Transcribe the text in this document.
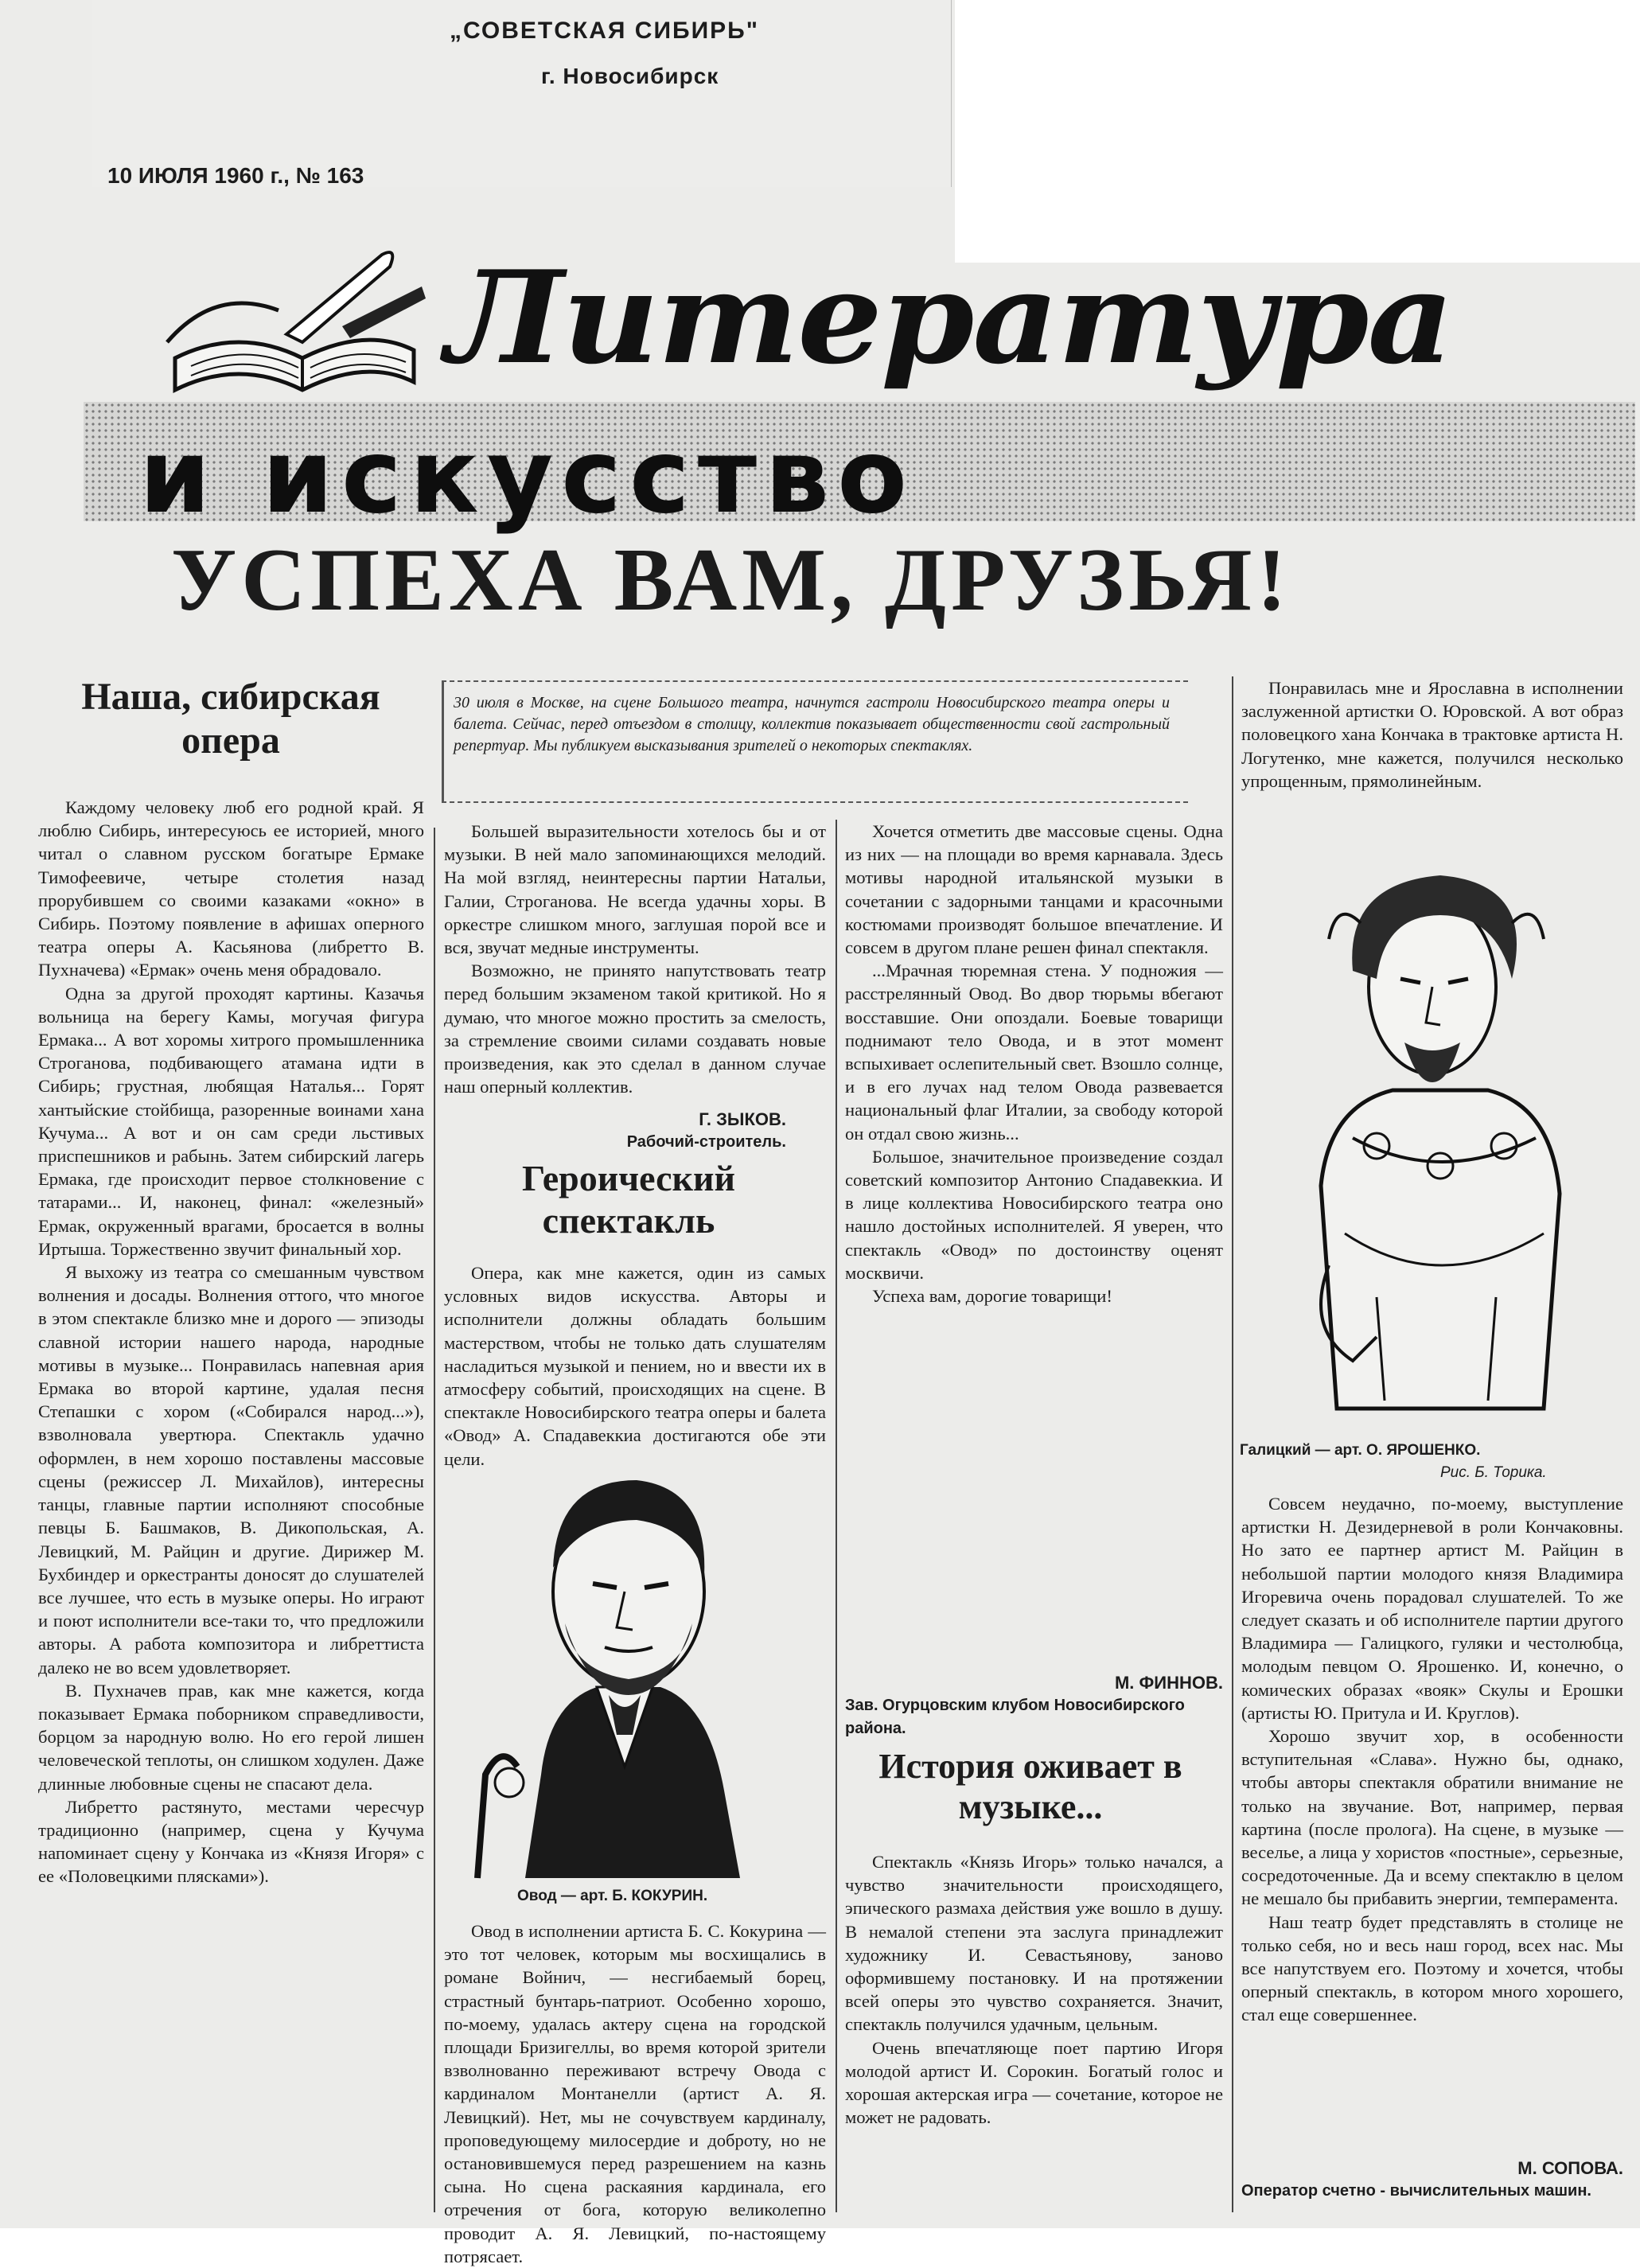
„СОВЕТСКАЯ СИБИРЬ"
г. Новосибирск
10 ИЮЛЯ 1960 г., № 163
Литература
и искусство
УСПЕХА ВАМ, ДРУЗЬЯ!
30 июля в Москве, на сцене Большого театра, начнутся гастроли Новосибирского театра оперы и балета. Сейчас, перед отъездом в столицу, коллектив показывает общественности свой гастрольный репертуар. Мы публикуем высказывания зрителей о некоторых спектаклях.
Наша, сибирская опера

Каждому человеку люб его родной край. Я люблю Сибирь, интересуюсь ее историей, много читал о славном русском богатыре Ермаке Тимофеевиче, четыре столетия назад прорубившем со своими казаками «окно» в Сибирь. Поэтому появление в афишах оперного театра оперы А. Касьянова (либретто В. Пухначева) «Ермак» очень меня обрадовало.

Одна за другой проходят картины. Казачья вольница на берегу Камы, могучая фигура Ермака... А вот хоромы хитрого промышленника Строганова, подбивающего атамана идти в Сибирь; грустная, любящая Наталья... Горят хантыйские стойбища, разоренные воинами хана Кучума... А вот и он сам среди льстивых приспешников и рабынь. Затем сибирский лагерь Ермака, где происходит первое столкновение с татарами... И, наконец, финал: «железный» Ермак, окруженный врагами, бросается в волны Иртыша. Торжественно звучит финальный хор.

Я выхожу из театра со смешанным чувством волнения и досады. Волнения оттого, что многое в этом спектакле близко мне и дорого — эпизоды славной истории нашего народа, народные мотивы в музыке... Понравилась напевная ария Ермака во второй картине, удалая песня Степашки с хором («Собирался народ...»), взволновала увертюра. Спектакль удачно оформлен, в нем хорошо поставлены массовые сцены (режиссер Л. Михайлов), интересны танцы, главные партии исполняют способные певцы Б. Башмаков, В. Дикопольская, А. Левицкий, М. Райцин и другие. Дирижер М. Бухбиндер и оркестранты доносят до слушателей все лучшее, что есть в музыке оперы. Но играют и поют исполнители все-таки то, что предложили авторы. А работа композитора и либреттиста далеко не во всем удовлетворяет.

В. Пухначев прав, как мне кажется, когда показывает Ермака поборником справедливости, борцом за народную волю. Но его герой лишен человеческой теплоты, он слишком ходулен. Даже длинные любовные сцены не спасают дела.

Либретто растянуто, местами чересчур традиционно (например, сцена у Кучума напоминает сцену у Кончака из «Князя Игоря» с ее «Половецкими плясками»).

Большей выразительности хотелось бы и от музыки. В ней мало запоминающихся мелодий. На мой взгляд, неинтересны партии Натальи, Галии, Строганова. Не всегда удачны хоры. В оркестре слишком много, заглушая порой все и вся, звучат медные инструменты.

Возможно, не принято напутствовать театр перед большим экзаменом такой критикой. Но я думаю, что многое можно простить за смелость, за стремление своими силами создавать новые произведения, как это сделал в данном случае наш оперный коллектив.

Г. ЗЫКОВ.

Рабочий-строитель.

Героический спектакль

Опера, как мне кажется, один из самых условных видов искусства. Авторы и исполнители должны обладать большим мастерством, чтобы не только дать слушателям насладиться музыкой и пением, но и ввести их в атмосферу событий, происходящих на сцене. В спектакле Новосибирского театра оперы и балета «Овод» А. Спадавеккиа достигаются обе эти цели.

Овод — арт. Б. КОКУРИН.

Овод в исполнении артиста Б. С. Кокурина — это тот человек, которым мы восхищались в романе Войнич, — несгибаемый борец, страстный бунтарь-патриот. Особенно хорошо, по-моему, удалась актеру сцена на городской площади Бризигеллы, во время которой зрители взволнованно переживают встречу Овода с кардиналом Монтанелли (артист А. Я. Левицкий). Нет, мы не сочувствуем кардиналу, проповедующему милосердие и доброту, но не остановившемуся перед разрешением на казнь сына. Но сцена раскаяния кардинала, его отречения от бога, которую великолепно проводит А. Я. Левицкий, по-настоящему потрясает.

Хочется отметить две массовые сцены. Одна из них — на площади во время карнавала. Здесь мотивы народной итальянской музыки в сочетании с задорными танцами и красочными костюмами производят большое впечатление. И совсем в другом плане решен финал спектакля.

...Мрачная тюремная стена. У подножия — расстрелянный Овод. Во двор тюрьмы вбегают восставшие. Они опоздали. Боевые товарищи поднимают тело Овода, и в этот момент вспыхивает ослепительный свет. Взошло солнце, и в его лучах над телом Овода развевается национальный флаг Италии, за свободу которой он отдал свою жизнь...

Большое, значительное произведение создал советский композитор Антонио Спадавеккиа. И в лице коллектива Новосибирского театра оно нашло достойных исполнителей. Я уверен, что спектакль «Овод» по достоинству оценят москвичи.

Успеха вам, дорогие товарищи!

М. ФИННОВ.

Зав. Огурцовским клубом Новосибирского района.

История оживает в музыке...

Спектакль «Князь Игорь» только начался, а чувство значительности происходящего, эпического размаха действия уже вошло в душу. В немалой степени эта заслуга принадлежит художнику И. Севастьянову, заново оформившему постановку. И на протяжении всей оперы это чувство сохраняется. Значит, спектакль получился удачным, цельным.

Очень впечатляюще поет партию Игоря молодой артист И. Сорокин. Богатый голос и хорошая актерская игра — сочетание, которое не может не радовать.

Понравилась мне и Ярославна в исполнении заслуженной артистки О. Юровской. А вот образ половецкого хана Кончака в трактовке артиста Н. Логутенко, мне кажется, получился несколько упрощенным, прямолинейным.

Галицкий — арт. О. ЯРОШЕНКО.
Рис. Б. Торика.

Совсем неудачно, по-моему, выступление артистки Н. Дезидерневой в роли Кончаковны. Но зато ее партнер артист М. Райцин в небольшой партии молодого князя Владимира Игоревича очень порадовал слушателей. То же следует сказать и об исполнителе партии другого Владимира — Галицкого, гуляки и честолюбца, молодым певцом О. Ярошенко. И, конечно, о комических образах «вояк» Скулы и Ерошки (артисты Ю. Притула и И. Круглов).

Хорошо звучит хор, в особенности вступительная «Слава». Нужно бы, однако, чтобы авторы спектакля обратили внимание не только на звучание. Вот, например, первая картина (после пролога). На сцене, в музыке — веселье, а лица у хористов «постные», серьезные, сосредоточенные. Да и всему спектаклю в целом не мешало бы прибавить энергии, темперамента.

Наш театр будет представлять в столице не только себя, но и весь наш город, всех нас. Мы все напутствуем его. Поэтому и хочется, чтобы оперный спектакль, в котором много хорошего, стал еще совершеннее.

М. СОПОВА.

Оператор счетно - вычислительных машин.
